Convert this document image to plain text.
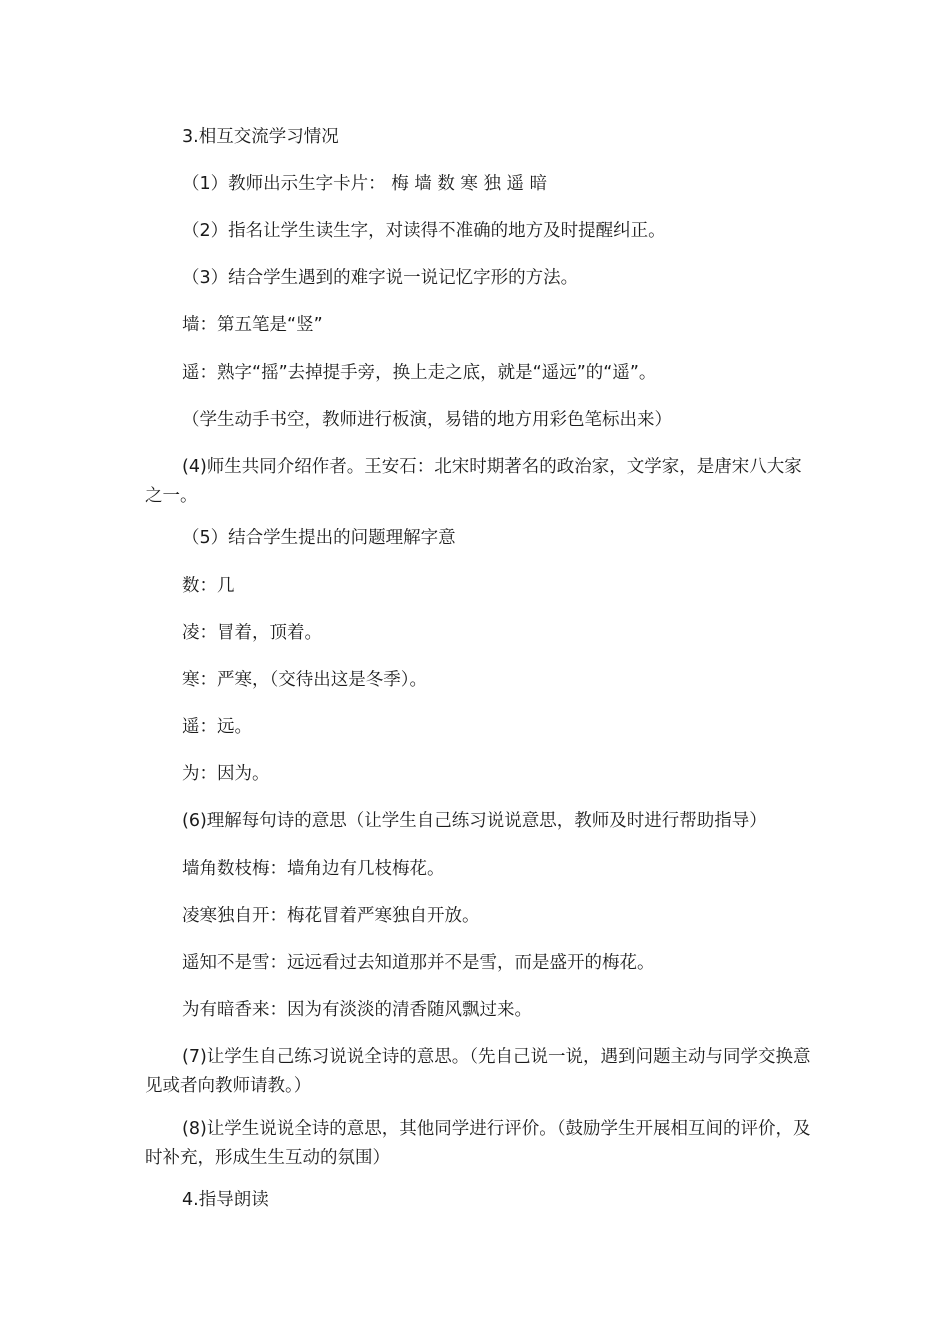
3.相互交流学习情况

（1）教师出示生字卡片： 梅 墙 数 寒 独 遥 暗

（2）指名让学生读生字，对读得不准确的地方及时提醒纠正。

（3）结合学生遇到的难字说一说记忆字形的方法。

墙：第五笔是“竖”

遥：熟字“摇”去掉提手旁，换上走之底，就是“遥远”的“遥”。

（学生动手书空，教师进行板演，易错的地方用彩色笔标出来）

(4)师生共同介绍作者。王安石：北宋时期著名的政治家，文学家，是唐宋八大家之一。

（5）结合学生提出的问题理解字意

数：几

凌：冒着，顶着。

寒：严寒，（交待出这是冬季）。

遥：远。

为：因为。

(6)理解每句诗的意思（让学生自己练习说说意思，教师及时进行帮助指导）

墙角数枝梅：墙角边有几枝梅花。

凌寒独自开：梅花冒着严寒独自开放。

遥知不是雪：远远看过去知道那并不是雪，而是盛开的梅花。

为有暗香来：因为有淡淡的清香随风飘过来。

(7)让学生自己练习说说全诗的意思。（先自己说一说，遇到问题主动与同学交换意见或者向教师请教。）

(8)让学生说说全诗的意思，其他同学进行评价。（鼓励学生开展相互间的评价，及时补充，形成生生互动的氛围）

4.指导朗读
